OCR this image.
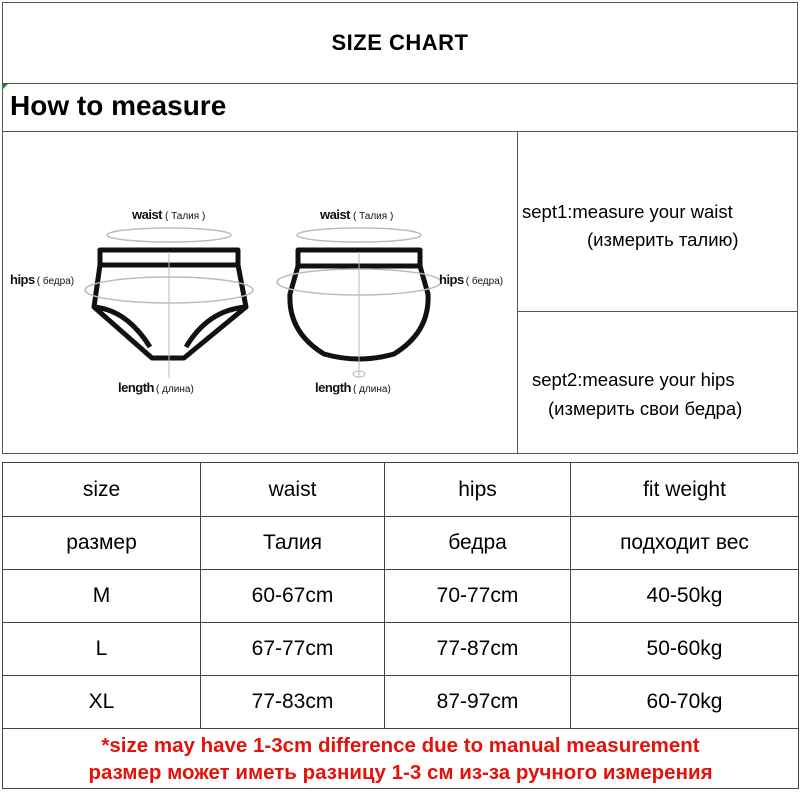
SIZE CHART
How to measure
waist ( Талия )
hips ( бедра)
length ( длина)
waist ( Талия )
hips ( бедра)
length ( длина)
sept1:measure your waist
(измерить талию)
sept2:measure your hips
(измерить свои бедра)
size	waist	hips	fit weight
размер	Талия	бедра	подходит вес
M	60-67cm	70-77cm	40-50kg
L	67-77cm	77-87cm	50-60kg
XL	77-83cm	87-97cm	60-70kg

*size may have 1-3cm difference due to manual measurement
размер может иметь разницу 1-3 см из-за ручного измерения			
